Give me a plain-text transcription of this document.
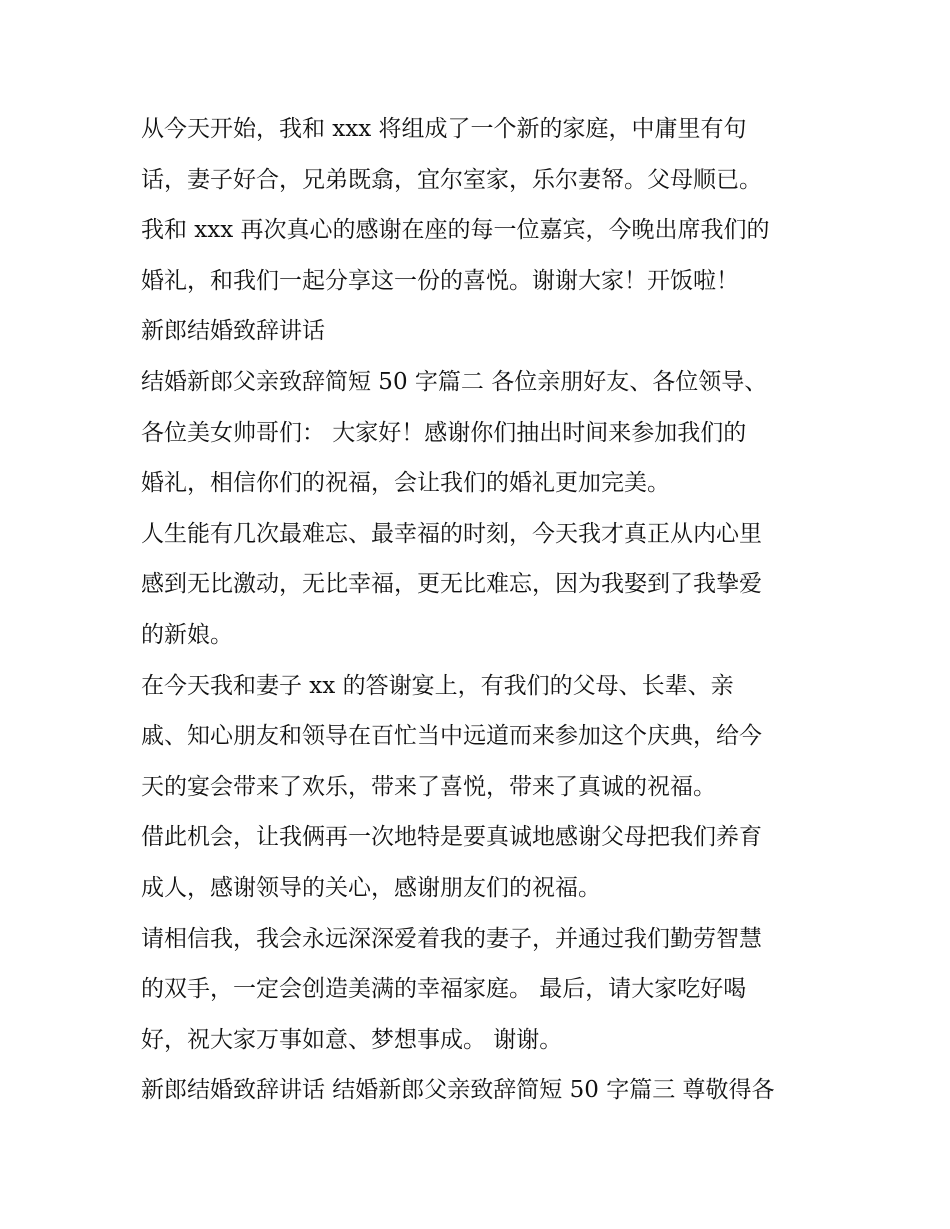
从今天开始，我和 xxx 将组成了一个新的家庭，中庸里有句
话，妻子好合，兄弟既翕，宜尔室家，乐尔妻帑。父母顺已。
我和 xxx 再次真心的感谢在座的每一位嘉宾，今晚出席我们的
婚礼，和我们一起分享这一份的喜悦。谢谢大家！开饭啦！
新郎结婚致辞讲话
结婚新郎父亲致辞简短 50 字篇二 各位亲朋好友、各位领导、
各位美女帅哥们： 大家好！感谢你们抽出时间来参加我们的
婚礼，相信你们的祝福，会让我们的婚礼更加完美。
人生能有几次最难忘、最幸福的时刻，今天我才真正从内心里
感到无比激动，无比幸福，更无比难忘，因为我娶到了我挚爱
的新娘。
在今天我和妻子 xx 的答谢宴上，有我们的父母、长辈、亲
戚、知心朋友和领导在百忙当中远道而来参加这个庆典，给今
天的宴会带来了欢乐，带来了喜悦，带来了真诚的祝福。
借此机会，让我俩再一次地特是要真诚地感谢父母把我们养育
成人，感谢领导的关心，感谢朋友们的祝福。
请相信我，我会永远深深爱着我的妻子，并通过我们勤劳智慧
的双手，一定会创造美满的幸福家庭。 最后，请大家吃好喝
好，祝大家万事如意、梦想事成。 谢谢。
新郎结婚致辞讲话 结婚新郎父亲致辞简短 50 字篇三 尊敬得各
